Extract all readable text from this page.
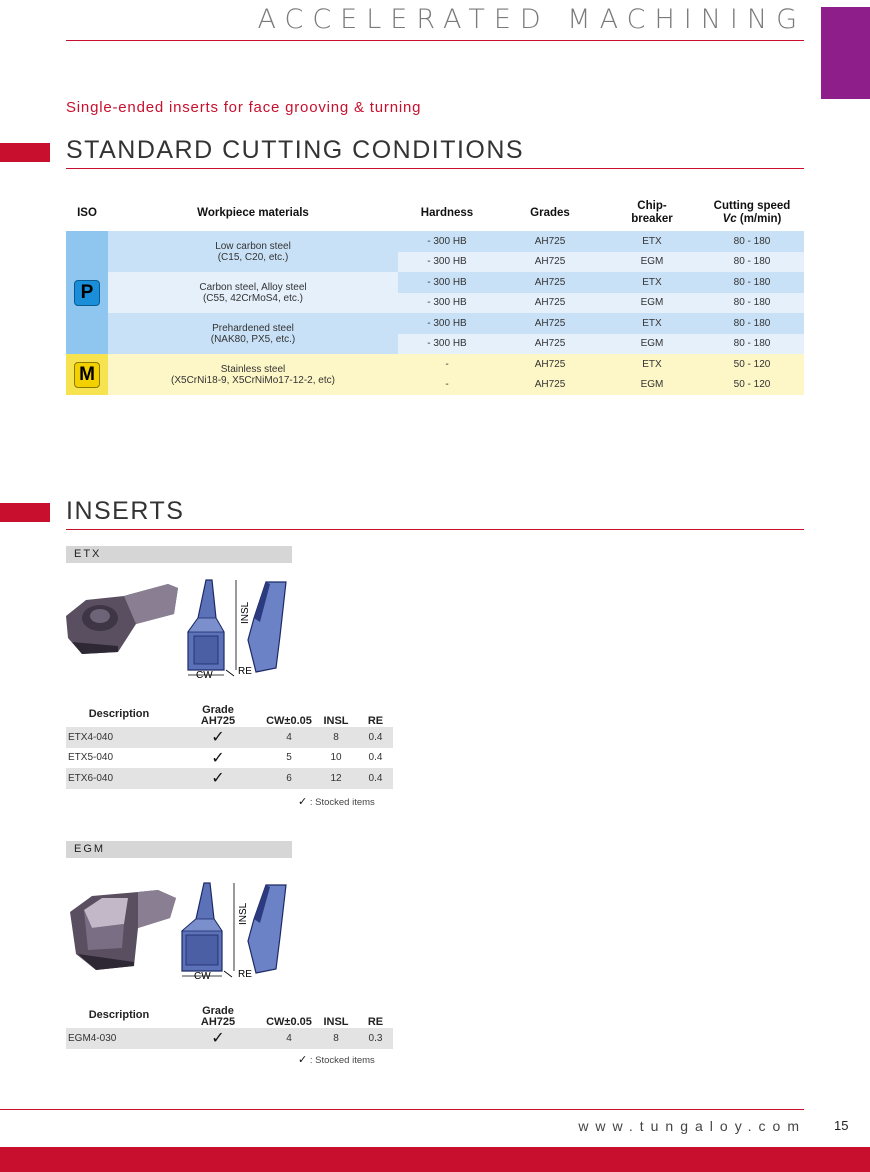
ACCELERATED MACHINING
Single-ended inserts for face grooving & turning
STANDARD CUTTING CONDITIONS
ISO	Workpiece materials	Hardness	Grades	Chip-
breaker	Cutting speed
Vc (m/min)
P	Low carbon steel
(C15, C20, etc.)	- 300 HB	AH725	ETX	80 - 180
		- 300 HB	AH725	EGM	80 - 180
	Carbon steel, Alloy steel
(C55, 42CrMoS4, etc.)	- 300 HB	AH725	ETX	80 - 180
		- 300 HB	AH725	EGM	80 - 180
	Prehardened steel
(NAK80, PX5, etc.)	- 300 HB	AH725	ETX	80 - 180
		- 300 HB	AH725	EGM	80 - 180
M	Stainless steel
(X5CrNi18-9, X5CrNiMo17-12-2, etc)	-	AH725	ETX	50 - 120
		-	AH725	EGM	50 - 120
INSERTS
ETX
INSL
CW	RE
Description	Grade
AH725	CW±0.05	INSL	RE
ETX4-040	✓	4	8	0.4
ETX5-040	✓	5	10	0.4
ETX6-040	✓	6	12	0.4
✓ : Stocked items
EGM
INSL
CW	RE
Description	Grade
AH725	CW±0.05	INSL	RE
EGM4-030	✓	4	8	0.3
✓ : Stocked items
www.tungaloy.com 15
